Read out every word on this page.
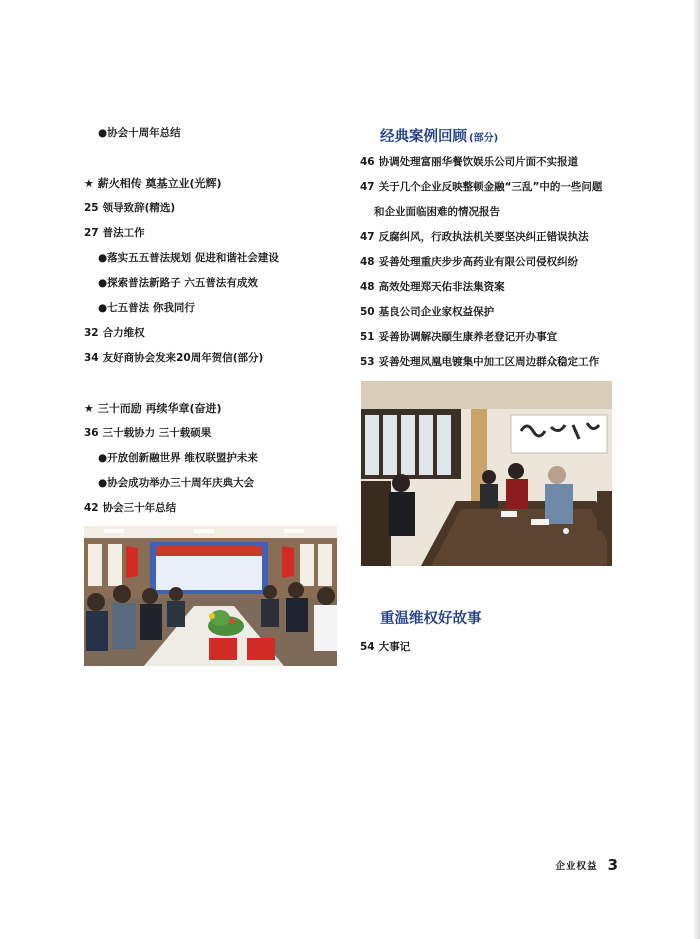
●协会十周年总结
★ 薪火相传 奠基立业(光辉)
25 领导致辞(精选)
27 普法工作
●落实五五普法规划 促进和谐社会建设
●探索普法新路子 六五普法有成效
●七五普法 你我同行
32 合力维权
34 友好商协会发来20周年贺信(部分)
★ 三十而励 再续华章(奋进)
36 三十载协力 三十载硕果
●开放创新融世界 维权联盟护未来
●协会成功举办三十周年庆典大会
42 协会三十年总结
经典案例回顾 (部分)
46 协调处理富丽华餐饮娱乐公司片面不实报道
47 关于几个企业反映整顿金融“三乱”中的一些问题
和企业面临困难的情况报告
47 反腐纠风，行政执法机关要坚决纠正错误执法
48 妥善处理重庆步步高药业有限公司侵权纠纷
48 高效处理郑天佑非法集资案
50 基良公司企业家权益保护
51 妥善协调解决颐生康养老登记开办事宜
53 妥善处理凤凰电镀集中加工区周边群众稳定工作
重温维权好故事
54 大事记
企业权益 3
